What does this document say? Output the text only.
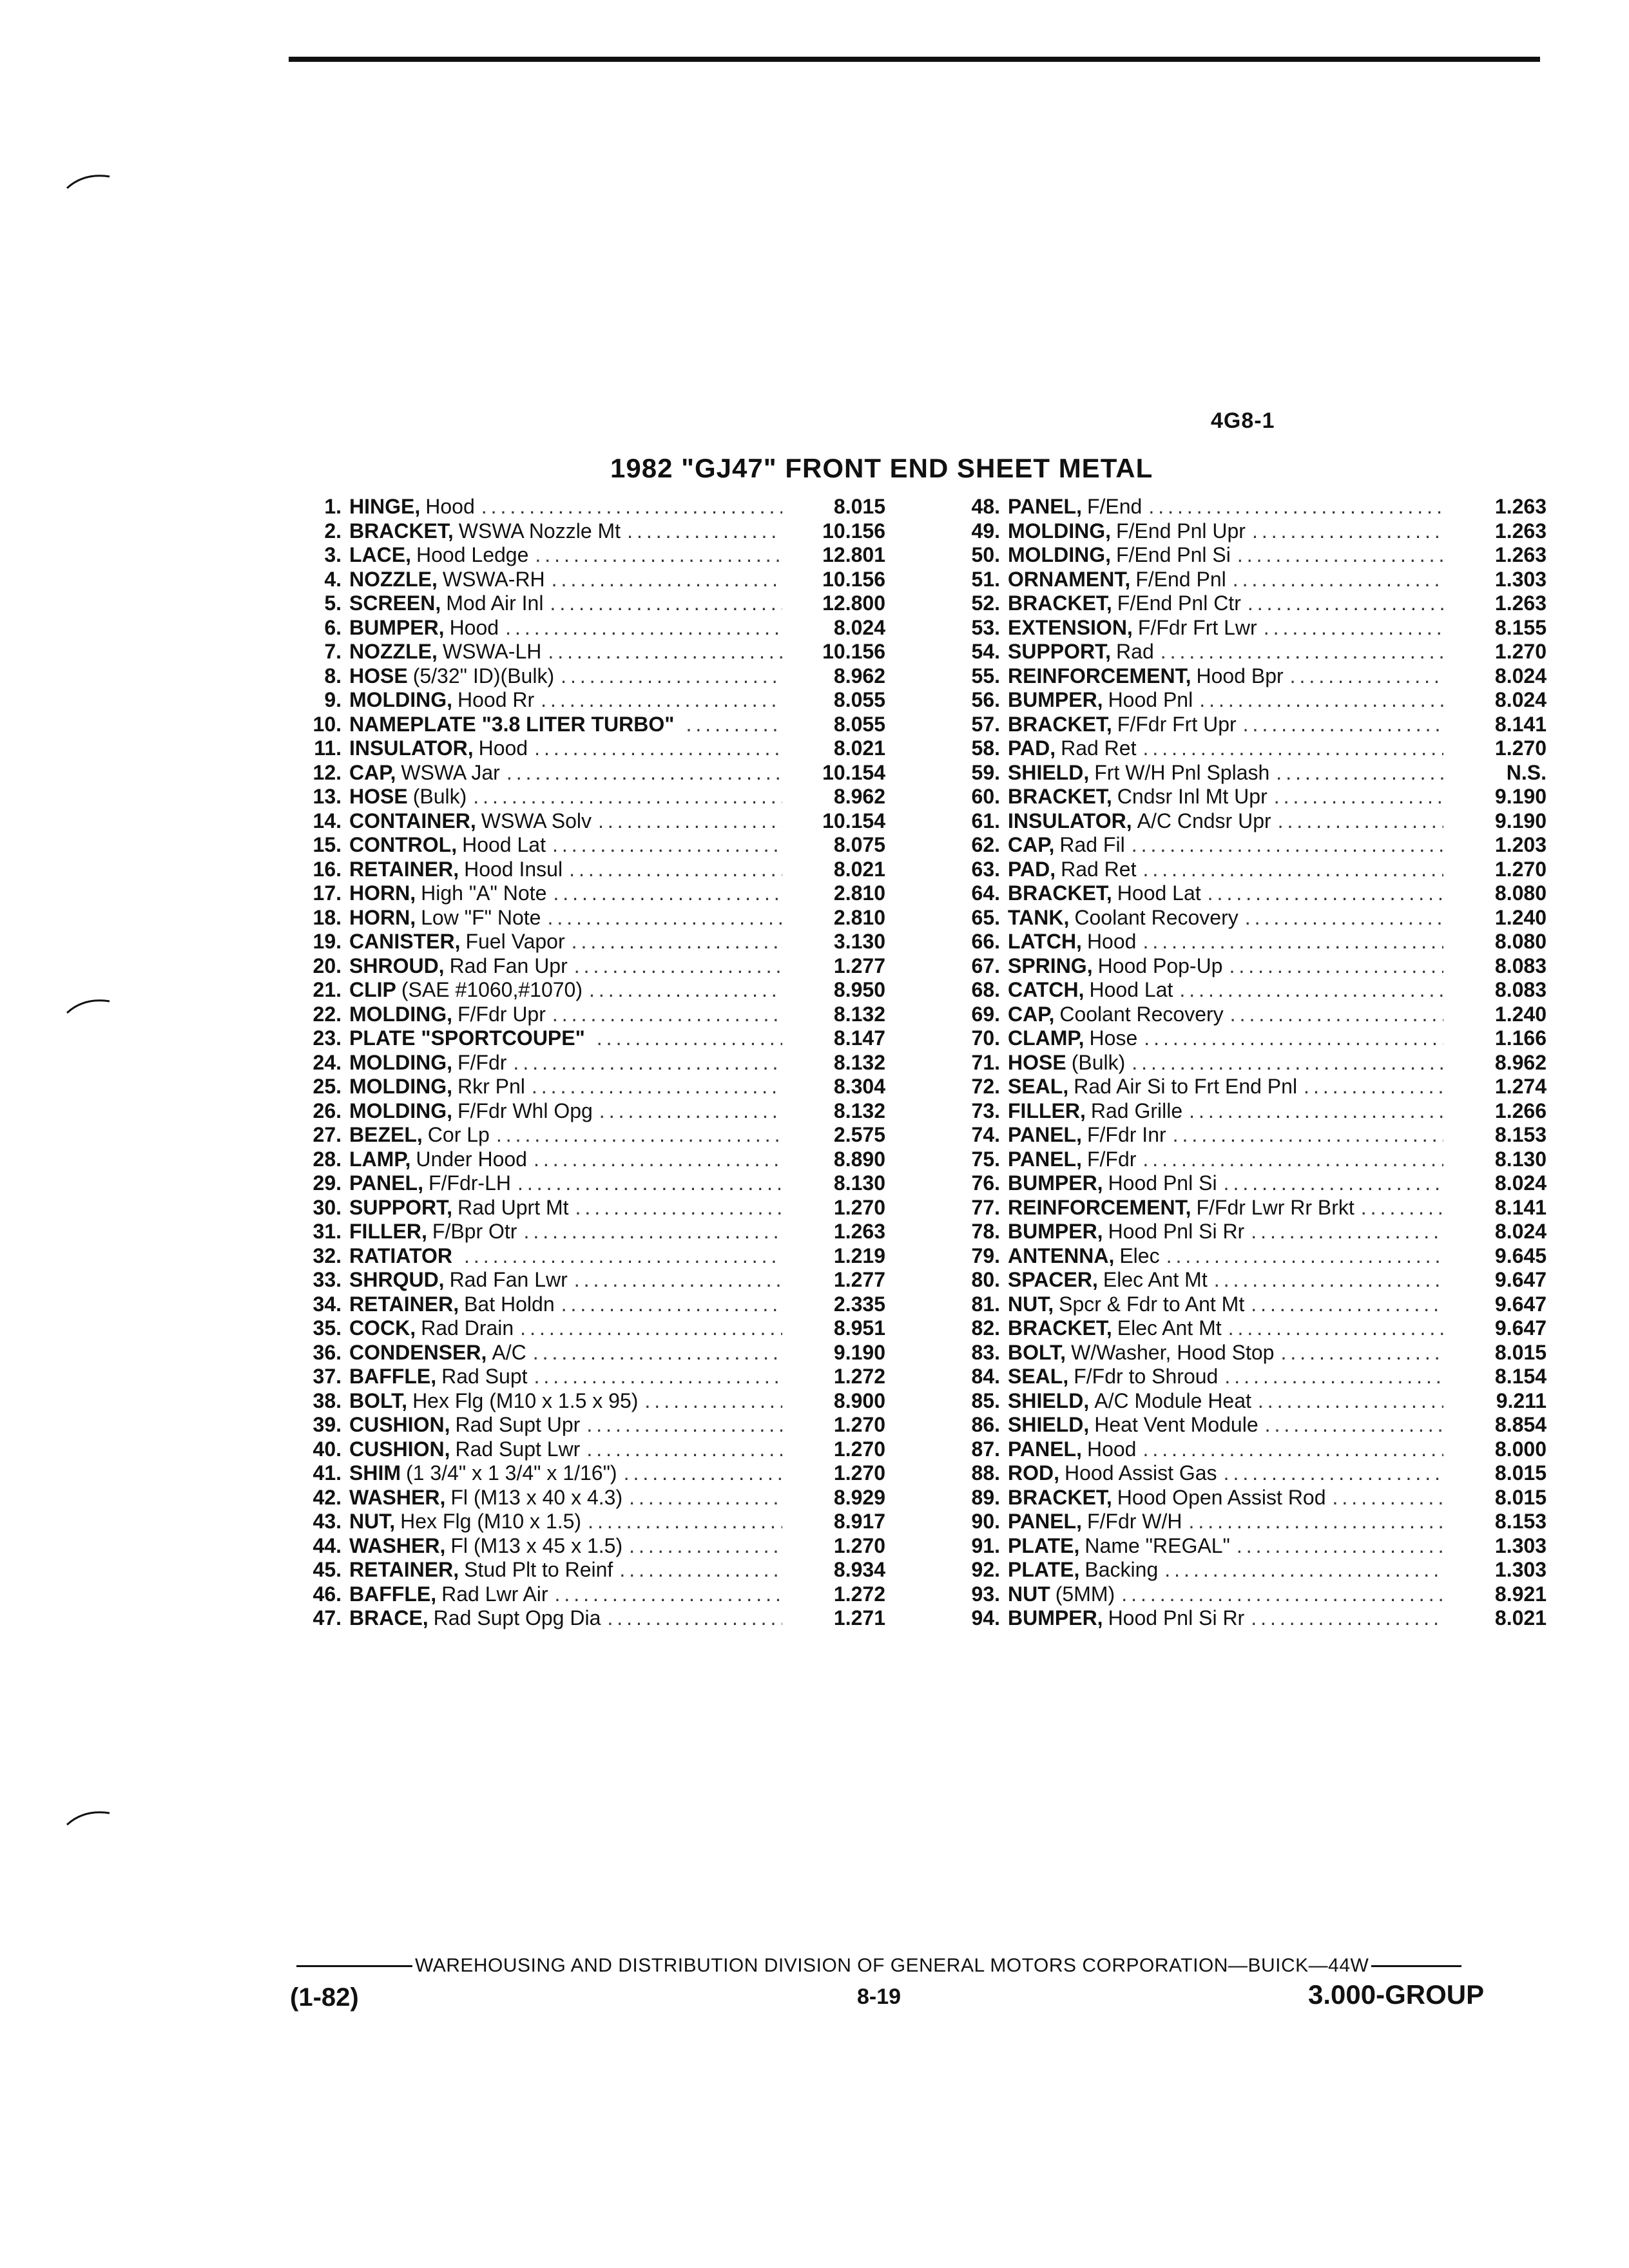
4G8-1
1982 "GJ47" FRONT END SHEET METAL
1. HINGE, Hood .....	8.015
2. BRACKET, WSWA Nozzle Mt .....	10.156
3. LACE, Hood Ledge .....	12.801
4. NOZZLE, WSWA-RH .....	10.156
5. SCREEN, Mod Air Inl .....	12.800
6. BUMPER, Hood .....	8.024
7. NOZZLE, WSWA-LH .....	10.156
8. HOSE (5/32" ID)(Bulk) .....	8.962
9. MOLDING, Hood Rr .....	8.055
10. NAMEPLATE "3.8 LITER TURBO" .....	8.055
11. INSULATOR, Hood .....	8.021
12. CAP, WSWA Jar .....	10.154
13. HOSE (Bulk) .....	8.962
14. CONTAINER, WSWA Solv .....	10.154
15. CONTROL, Hood Lat .....	8.075
16. RETAINER, Hood Insul .....	8.021
17. HORN, High "A" Note .....	2.810
18. HORN, Low "F" Note .....	2.810
19. CANISTER, Fuel Vapor .....	3.130
20. SHROUD, Rad Fan Upr .....	1.277
21. CLIP (SAE #1060,#1070) .....	8.950
22. MOLDING, F/Fdr Upr .....	8.132
23. PLATE "SPORTCOUPE" .....	8.147
24. MOLDING, F/Fdr .....	8.132
25. MOLDING, Rkr Pnl .....	8.304
26. MOLDING, F/Fdr Whl Opg .....	8.132
27. BEZEL, Cor Lp .....	2.575
28. LAMP, Under Hood .....	8.890
29. PANEL, F/Fdr-LH .....	8.130
30. SUPPORT, Rad Uprt Mt .....	1.270
31. FILLER, F/Bpr Otr .....	1.263
32. RATIATOR .....	1.219
33. SHRQUD, Rad Fan Lwr .....	1.277
34. RETAINER, Bat Holdn .....	2.335
35. COCK, Rad Drain .....	8.951
36. CONDENSER, A/C .....	9.190
37. BAFFLE, Rad Supt .....	1.272
38. BOLT, Hex Flg (M10 x 1.5 x 95) .....	8.900
39. CUSHION, Rad Supt Upr .....	1.270
40. CUSHION, Rad Supt Lwr .....	1.270
41. SHIM (1 3/4" x 1 3/4" x 1/16") .....	1.270
42. WASHER, Fl (M13 x 40 x 4.3) .....	8.929
43. NUT, Hex Flg (M10 x 1.5) .....	8.917
44. WASHER, Fl (M13 x 45 x 1.5) .....	1.270
45. RETAINER, Stud Plt to Reinf .....	8.934
46. BAFFLE, Rad Lwr Air .....	1.272
47. BRACE, Rad Supt Opg Dia .....	1.271
48. PANEL, F/End .....	1.263
49. MOLDING, F/End Pnl Upr .....	1.263
50. MOLDING, F/End Pnl Si .....	1.263
51. ORNAMENT, F/End Pnl .....	1.303
52. BRACKET, F/End Pnl Ctr .....	1.263
53. EXTENSION, F/Fdr Frt Lwr .....	8.155
54. SUPPORT, Rad .....	1.270
55. REINFORCEMENT, Hood Bpr .....	8.024
56. BUMPER, Hood Pnl .....	8.024
57. BRACKET, F/Fdr Frt Upr .....	8.141
58. PAD, Rad Ret .....	1.270
59. SHIELD, Frt W/H Pnl Splash .....	N.S.
60. BRACKET, Cndsr Inl Mt Upr .....	9.190
61. INSULATOR, A/C Cndsr Upr .....	9.190
62. CAP, Rad Fil .....	1.203
63. PAD, Rad Ret .....	1.270
64. BRACKET, Hood Lat .....	8.080
65. TANK, Coolant Recovery .....	1.240
66. LATCH, Hood .....	8.080
67. SPRING, Hood Pop-Up .....	8.083
68. CATCH, Hood Lat .....	8.083
69. CAP, Coolant Recovery .....	1.240
70. CLAMP, Hose .....	1.166
71. HOSE (Bulk) .....	8.962
72. SEAL, Rad Air Si to Frt End Pnl .....	1.274
73. FILLER, Rad Grille .....	1.266
74. PANEL, F/Fdr Inr .....	8.153
75. PANEL, F/Fdr .....	8.130
76. BUMPER, Hood Pnl Si .....	8.024
77. REINFORCEMENT, F/Fdr Lwr Rr Brkt .....	8.141
78. BUMPER, Hood Pnl Si Rr .....	8.024
79. ANTENNA, Elec .....	9.645
80. SPACER, Elec Ant Mt .....	9.647
81. NUT, Spcr & Fdr to Ant Mt .....	9.647
82. BRACKET, Elec Ant Mt .....	9.647
83. BOLT, W/Washer, Hood Stop .....	8.015
84. SEAL, F/Fdr to Shroud .....	8.154
85. SHIELD, A/C Module Heat .....	9.211
86. SHIELD, Heat Vent Module .....	8.854
87. PANEL, Hood .....	8.000
88. ROD, Hood Assist Gas .....	8.015
89. BRACKET, Hood Open Assist Rod .....	8.015
90. PANEL, F/Fdr W/H .....	8.153
91. PLATE, Name "REGAL" .....	1.303
92. PLATE, Backing .....	1.303
93. NUT (5MM) .....	8.921
94. BUMPER, Hood Pnl Si Rr .....	8.021
WAREHOUSING AND DISTRIBUTION DIVISION OF GENERAL MOTORS CORPORATION—BUICK—44W
(1-82)	8-19	3.000-GROUP
